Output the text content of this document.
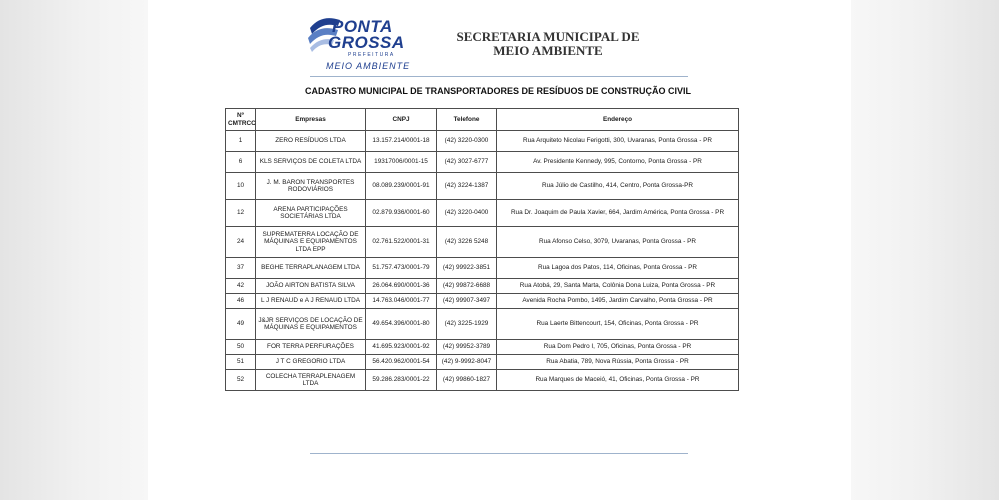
PONTA
GROSSA
PREFEITURA
MEIO AMBIENTE
SECRETARIA MUNICIPAL DE
MEIO AMBIENTE
CADASTRO MUNICIPAL DE TRANSPORTADORES DE RESÍDUOS DE CONSTRUÇÃO CIVIL
Nº
CMTRCC	Empresas	CNPJ	Telefone	Endereço
1	ZERO RESÍDUOS LTDA	13.157.214/0001-18	(42) 3220-0300	Rua Arquiteto Nicolau Ferigotti, 300, Uvaranas, Ponta Grossa - PR
6	KLS SERVIÇOS DE COLETA LTDA	19317006/0001-15	(42) 3027-6777	Av. Presidente Kennedy, 995, Contorno, Ponta Grossa - PR
10	J. M. BARON TRANSPORTES RODOVIÁRIOS	08.089.239/0001-91	(42) 3224-1387	Rua Júlio de Castilho, 414, Centro, Ponta Grossa-PR
12	ARENA PARTICIPAÇÕES SOCIETÁRIAS LTDA	02.879.936/0001-60	(42) 3220-0400	Rua Dr. Joaquim de Paula Xavier, 664, Jardim América, Ponta Grossa - PR
24	SUPREMATERRA LOCAÇÃO DE MÁQUINAS E EQUIPAMENTOS LTDA EPP	02.761.522/0001-31	(42) 3226 5248	Rua Afonso Celso, 3079, Uvaranas, Ponta Grossa - PR
37	BEGHE TERRAPLANAGEM LTDA	51.757.473/0001-79	(42) 99922-3851	Rua Lagoa dos Patos, 114, Oficinas, Ponta Grossa - PR
42	JOÃO AIRTON BATISTA SILVA	26.064.690/0001-36	(42) 99872-6688	Rua Atobá, 29, Santa Marta, Colônia Dona Luiza, Ponta Grossa - PR
46	L J RENAUD e A J RENAUD LTDA	14.763.046/0001-77	(42) 99907-3497	Avenida Rocha Pombo, 1495, Jardim Carvalho, Ponta Grossa - PR
49	J&JR SERVIÇOS DE LOCAÇÃO DE MÁQUINAS E EQUIPAMENTOS	49.654.396/0001-80	(42) 3225-1929	Rua Laerte Bittencourt, 154, Oficinas, Ponta Grossa - PR
50	FOR TERRA PERFURAÇÕES	41.695.923/0001-92	(42) 99952-3789	Rua Dom Pedro I, 705, Oficinas, Ponta Grossa - PR
51	J T C GREGORIO LTDA	56.420.962/0001-54	(42) 9-9992-8047	Rua Abatia, 789, Nova Rússia, Ponta Grossa - PR
52	COLECHA TERRAPLENAGEM LTDA	59.286.283/0001-22	(42) 99860-1827	Rua Marques de Maceió, 41, Oficinas, Ponta Grossa - PR
